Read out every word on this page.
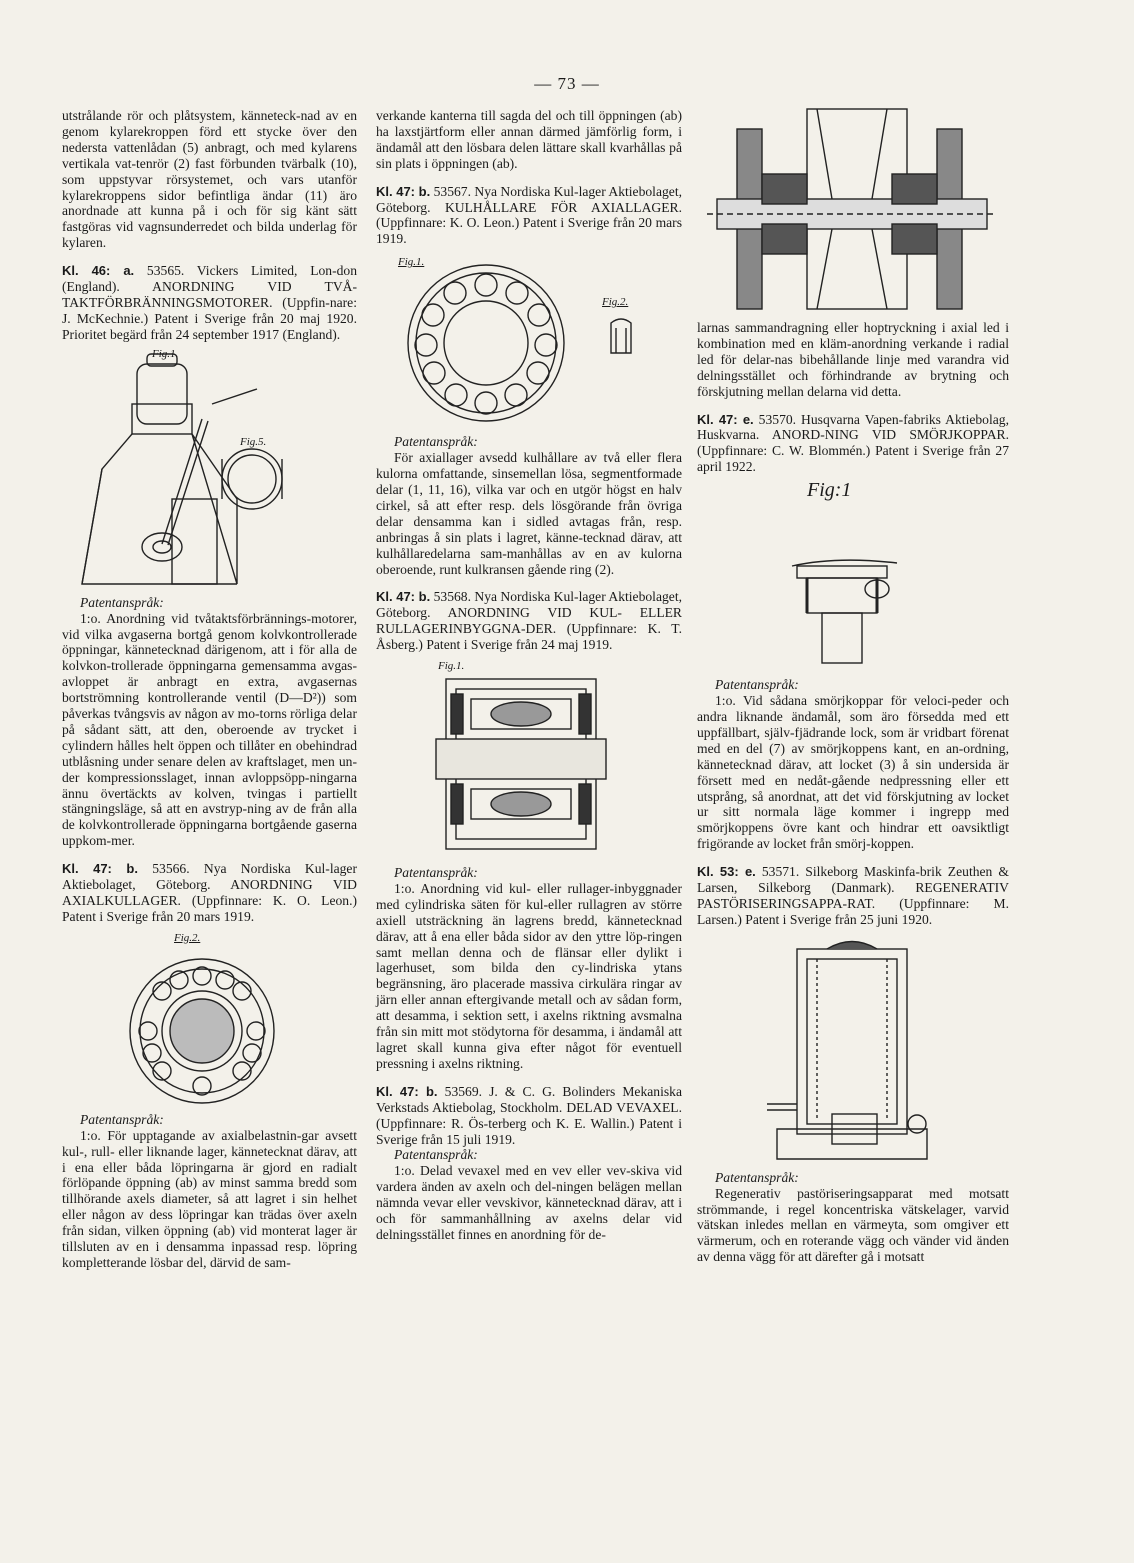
— 73 —

utstrålande rör och plåtsystem, känneteck-nad av en genom kylarekroppen förd ett stycke över den nedersta vattenlådan (5) anbragt, och med kylarens vertikala vat-tenrör (2) fast förbunden tvärbalk (10), som uppstyvar rörsystemet, och vars utanför kylarekroppens sidor befintliga ändar (11) äro anordnade att kunna på i och för sig känt sätt fastgöras vid vagnsunderredet och bilda underlag för kylaren.

Kl. 46: a. 53565. Vickers Limited, Lon-don (England). ANORDNING VID TVÅ-TAKTFÖRBRÄNNINGSMOTORER. (Uppfin-nare: J. McKechnie.) Patent i Sverige från 20 maj 1920. Prioritet begärd från 24 september 1917 (England).

Fig.1.
Fig.5.

Patentanspråk:

1:o. Anordning vid tvåtaktsförbrännings-motorer, vid vilka avgaserna bortgå genom kolvkontrollerade öppningar, kännetecknad därigenom, att i för alla de kolvkon-trollerade öppningarna gemensamma avgas-avloppet är anbragt en extra, avgasernas bortströmning kontrollerande ventil (D—D²)) som påverkas tvångsvis av någon av mo-torns rörliga delar på sådant sätt, att den, oberoende av trycket i cylindern hålles helt öppen och tillåter en obehindrad utblåsning under senare delen av kraftslaget, men un-der kompressionsslaget, innan avloppsöpp-ningarna ännu övertäckts av kolven, tvingas i partiellt stängningsläge, så att en avstryp-ning av de från alla de kolvkontrollerade öppningarna bortgående gaserna uppkom-mer.

Kl. 47: b. 53566. Nya Nordiska Kul-lager Aktiebolaget, Göteborg. ANORDNING VID AXIALKULLAGER. (Uppfinnare: K. O. Leon.) Patent i Sverige från 20 mars 1919.

Fig.2.

Patentanspråk:

1:o. För upptagande av axialbelastnin-gar avsett kul-, rull- eller liknande lager, kännetecknat därav, att i ena eller båda löpringarna är gjord en radialt förlöpande öppning (ab) av minst samma bredd som tillhörande axels diameter, så att lagret i sin helhet eller någon av dess löpringar kan trädas över axeln från sidan, vilken öppning (ab) vid monterat lager är tillsluten av en i densamma inpassad resp. löpring kompletterande lösbar del, därvid de sam-

verkande kanterna till sagda del och till öppningen (ab) ha laxstjärtform eller annan därmed jämförlig form, i ändamål att den lösbara delen lättare skall kvarhållas på sin plats i öppningen (ab).

Kl. 47: b. 53567. Nya Nordiska Kul-lager Aktiebolaget, Göteborg. KULHÅLLARE FÖR AXIALLAGER. (Uppfinnare: K. O. Leon.) Patent i Sverige från 20 mars 1919.

Fig.1.
Fig.2.

Patentanspråk:

För axiallager avsedd kulhållare av två eller flera kulorna omfattande, sinsemellan lösa, segmentformade delar (1, 11, 16), vilka var och en utgör högst en halv cirkel, så att efter resp. dels lösgörande från övriga delar densamma kan i sidled avtagas från, resp. anbringas å sin plats i lagret, känne-tecknad därav, att kulhållaredelarna sam-manhållas av en av kulorna oberoende, runt kulkransen gående ring (2).

Kl. 47: b. 53568. Nya Nordiska Kul-lager Aktiebolaget, Göteborg. ANORDNING VID KUL- ELLER RULLAGERINBYGGNA-DER. (Uppfinnare: K. T. Åsberg.) Patent i Sverige från 24 maj 1919.

Fig.1.

Patentanspråk:

1:o. Anordning vid kul- eller rullager-inbyggnader med cylindriska säten för kul-eller rullagren av större axiell utsträckning än lagrens bredd, kännetecknad därav, att å ena eller båda sidor av den yttre löp-ringen samt mellan denna och de flänsar eller dylikt i lagerhuset, som bilda den cy-lindriska ytans begränsning, äro placerade massiva cirkulära ringar av järn eller annan eftergivande metall och av sådan form, att desamma, i sektion sett, i axelns riktning avsmalna från sin mitt mot stödytorna för desamma, i ändamål att lagret skall kunna giva efter något för eventuell pressning i axelns riktning.

Kl. 47: b. 53569. J. & C. G. Bolinders Mekaniska Verkstads Aktiebolag, Stockholm. DELAD VEVAXEL. (Uppfinnare: R. Ös-terberg och K. E. Wallin.) Patent i Sverige från 15 juli 1919.

Patentanspråk:

1:o. Delad vevaxel med en vev eller vev-skiva vid vardera änden av axeln och del-ningen belägen mellan nämnda vevar eller vevskivor, kännetecknad därav, att i och för sammanhållning av axelns delar vid delningsstället finnes en anordning för de-

larnas sammandragning eller hoptryckning i axial led i kombination med en kläm-anordning verkande i radial led för delar-nas bibehållande linje med varandra vid delningsstället och förhindrande av brytning och förskjutning mellan delarna vid detta.

Kl. 47: e. 53570. Husqvarna Vapen-fabriks Aktiebolag, Huskvarna. ANORD-NING VID SMÖRJKOPPAR. (Uppfinnare: C. W. Blommén.) Patent i Sverige från 27 april 1922.

Fig:1

Patentanspråk:

1:o. Vid sådana smörjkoppar för veloci-peder och andra liknande ändamål, som äro försedda med ett uppfällbart, själv-fjädrande lock, som är vridbart förenat med en del (7) av smörjkoppens kant, en an-ordning, kännetecknad därav, att locket (3) å sin undersida är försett med en nedåt-gående nedpressning eller ett utsprång, så anordnat, att det vid förskjutning av locket ur sitt normala läge kommer i ingrepp med smörjkoppens övre kant och hindrar ett oavsiktligt frigörande av locket från smörj-koppen.

Kl. 53: e. 53571. Silkeborg Maskinfa-brik Zeuthen & Larsen, Silkeborg (Danmark). REGENERATIV PASTÖRISERINGSAPPA-RAT. (Uppfinnare: M. Larsen.) Patent i Sverige från 25 juni 1920.

Patentanspråk:

Regenerativ pastöriseringsapparat med motsatt strömmande, i regel koncentriska vätskelager, varvid vätskan inledes mellan en värmeyta, som omgiver ett värmerum, och en roterande vägg och vänder vid änden av denna vägg för att därefter gå i motsatt
